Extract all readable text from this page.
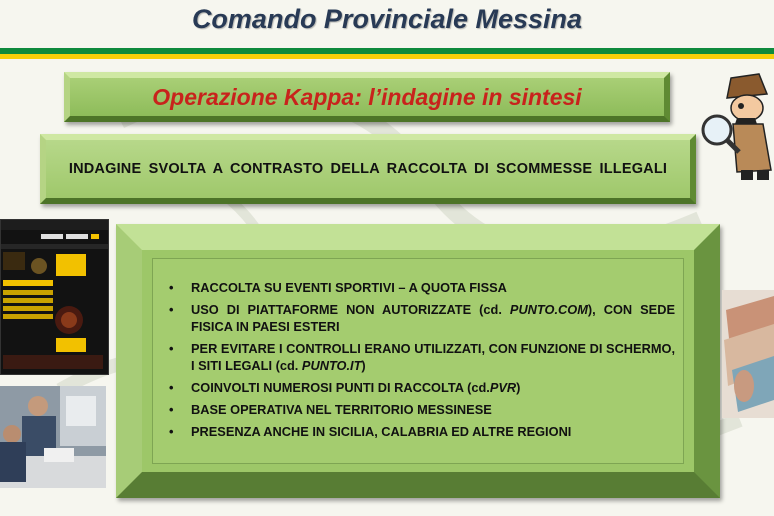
Comando Provinciale Messina
Operazione Kappa: l’indagine in sintesi
INDAGINE SVOLTA A CONTRASTO DELLA RACCOLTA DI SCOMMESSE ILLEGALI
• RACCOLTA SU EVENTI SPORTIVI – A QUOTA FISSA
• USO DI PIATTAFORME NON AUTORIZZATE (cd. PUNTO.COM), CON SEDE FISICA IN PAESI ESTERI
• PER EVITARE I CONTROLLI ERANO UTILIZZATI, CON FUNZIONE DI SCHERMO, I SITI LEGALI (cd. PUNTO.IT)
• COINVOLTI NUMEROSI PUNTI DI RACCOLTA (cd.PVR)
• BASE OPERATIVA NEL TERRITORIO MESSINESE
• PRESENZA ANCHE IN SICILIA, CALABRIA ED ALTRE REGIONI
